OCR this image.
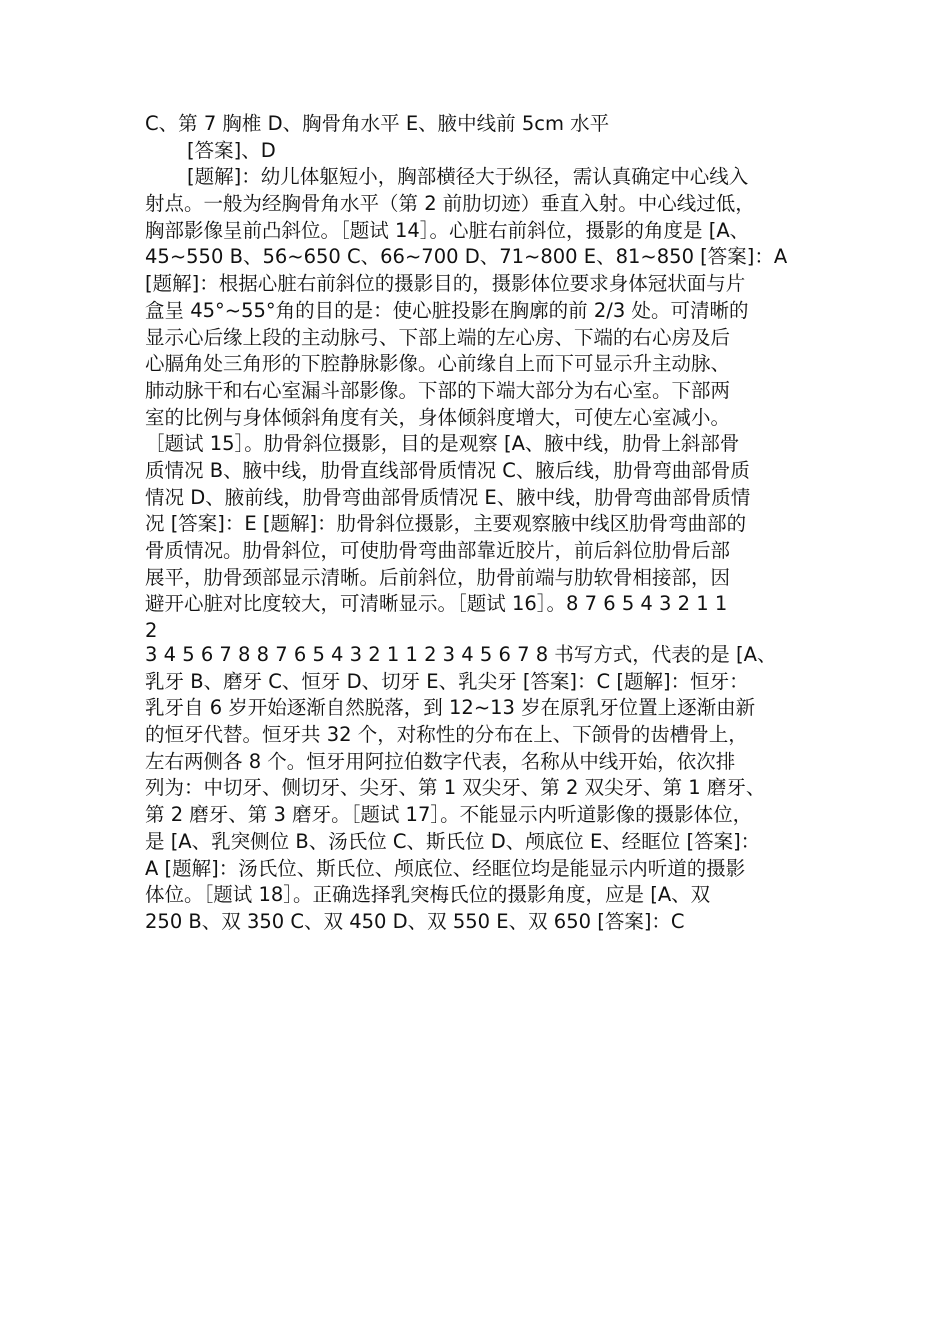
C、第 7 胸椎 D、胸骨角水平 E、腋中线前 5cm 水平
[答案]、D
[题解]：幼儿体躯短小，胸部横径大于纵径，需认真确定中心线入
射点。一般为经胸骨角水平（第 2 前肋切迹）垂直入射。中心线过低，
胸部影像呈前凸斜位。［题试 14］。心脏右前斜位，摄影的角度是 [A、
45~550 B、56~650 C、66~700 D、71~800 E、81~850 [答案]：A
[题解]：根据心脏右前斜位的摄影目的，摄影体位要求身体冠状面与片
盒呈 45°~55°角的目的是：使心脏投影在胸廓的前 2/3 处。可清晰的
显示心后缘上段的主动脉弓、下部上端的左心房、下端的右心房及后
心膈角处三角形的下腔静脉影像。心前缘自上而下可显示升主动脉、
肺动脉干和右心室漏斗部影像。下部的下端大部分为右心室。下部两
室的比例与身体倾斜角度有关，身体倾斜度增大，可使左心室减小。
［题试 15］。肋骨斜位摄影，目的是观察 [A、腋中线，肋骨上斜部骨
质情况 B、腋中线，肋骨直线部骨质情况 C、腋后线，肋骨弯曲部骨质
情况 D、腋前线，肋骨弯曲部骨质情况 E、腋中线，肋骨弯曲部骨质情
况 [答案]：E [题解]：肋骨斜位摄影，主要观察腋中线区肋骨弯曲部的
骨质情况。肋骨斜位，可使肋骨弯曲部靠近胶片，前后斜位肋骨后部
展平，肋骨颈部显示清晰。后前斜位，肋骨前端与肋软骨相接部，因
避开心脏对比度较大，可清晰显示。［题试 16］。8 7 6 5 4 3 2 1 1
2
3 4 5 6 7 8 8 7 6 5 4 3 2 1 1 2 3 4 5 6 7 8 书写方式，代表的是 [A、
乳牙 B、磨牙 C、恒牙 D、切牙 E、乳尖牙 [答案]：C [题解]：恒牙：
乳牙自 6 岁开始逐渐自然脱落，到 12~13 岁在原乳牙位置上逐渐由新
的恒牙代替。恒牙共 32 个，对称性的分布在上、下颌骨的齿槽骨上，
左右两侧各 8 个。恒牙用阿拉伯数字代表，名称从中线开始，依次排
列为：中切牙、侧切牙、尖牙、第 1 双尖牙、第 2 双尖牙、第 1 磨牙、
第 2 磨牙、第 3 磨牙。［题试 17］。不能显示内听道影像的摄影体位，
是 [A、乳突侧位 B、汤氏位 C、斯氏位 D、颅底位 E、经眶位 [答案]：
A [题解]：汤氏位、斯氏位、颅底位、经眶位均是能显示内听道的摄影
体位。［题试 18］。正确选择乳突梅氏位的摄影角度，应是 [A、双
250 B、双 350 C、双 450 D、双 550 E、双 650 [答案]：C
